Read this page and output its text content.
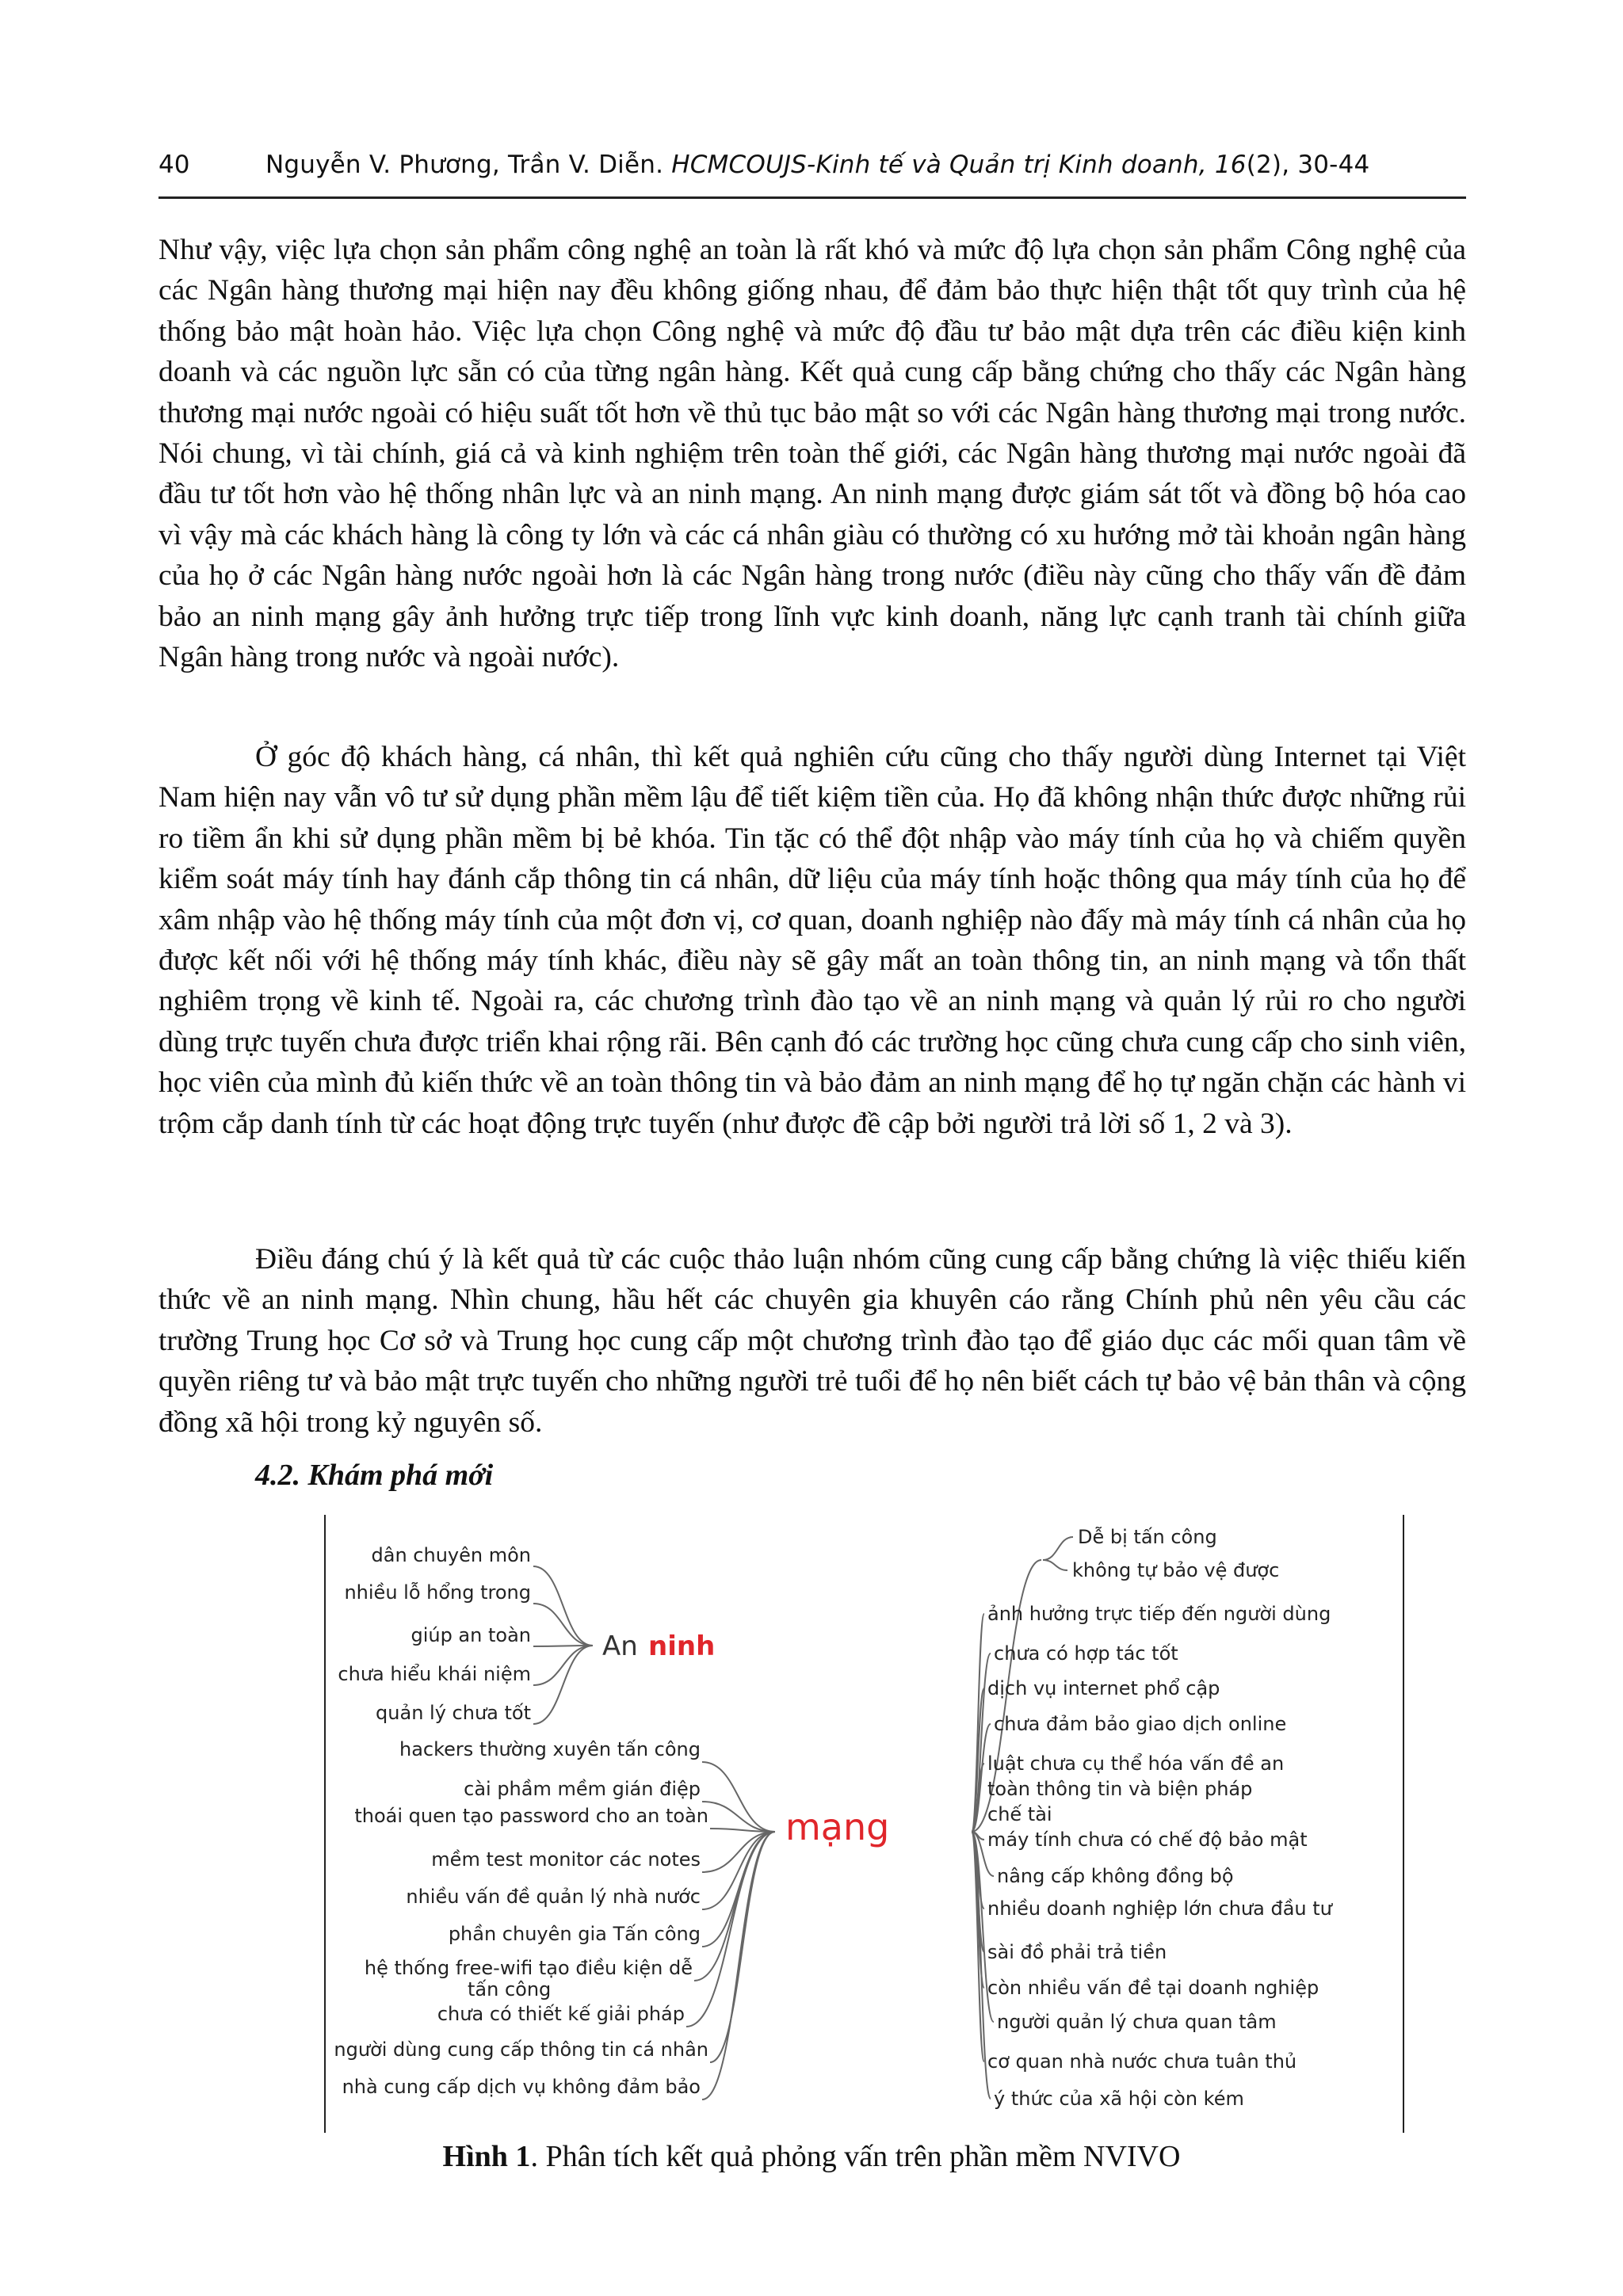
40	Nguyễn V. Phương, Trần V. Diễn. HCMCOUJS-Kinh tế và Quản trị Kinh doanh, 16(2), 30-44
Như vậy, việc lựa chọn sản phẩm công nghệ an toàn là rất khó và mức độ lựa chọn sản phẩm Công nghệ của các Ngân hàng thương mại hiện nay đều không giống nhau, để đảm bảo thực hiện thật tốt quy trình của hệ thống bảo mật hoàn hảo. Việc lựa chọn Công nghệ và mức độ đầu tư bảo mật dựa trên các điều kiện kinh doanh và các nguồn lực sẵn có của từng ngân hàng. Kết quả cung cấp bằng chứng cho thấy các Ngân hàng thương mại nước ngoài có hiệu suất tốt hơn về thủ tục bảo mật so với các Ngân hàng thương mại trong nước. Nói chung, vì tài chính, giá cả và kinh nghiệm trên toàn thế giới, các Ngân hàng thương mại nước ngoài đã đầu tư tốt hơn vào hệ thống nhân lực và an ninh mạng. An ninh mạng được giám sát tốt và đồng bộ hóa cao vì vậy mà các khách hàng là công ty lớn và các cá nhân giàu có thường có xu hướng mở tài khoản ngân hàng của họ ở các Ngân hàng nước ngoài hơn là các Ngân hàng trong nước (điều này cũng cho thấy vấn đề đảm bảo an ninh mạng gây ảnh hưởng trực tiếp trong lĩnh vực kinh doanh, năng lực cạnh tranh tài chính giữa Ngân hàng trong nước và ngoài nước).
Ở góc độ khách hàng, cá nhân, thì kết quả nghiên cứu cũng cho thấy người dùng Internet tại Việt Nam hiện nay vẫn vô tư sử dụng phần mềm lậu để tiết kiệm tiền của. Họ đã không nhận thức được những rủi ro tiềm ẩn khi sử dụng phần mềm bị bẻ khóa. Tin tặc có thể đột nhập vào máy tính của họ và chiếm quyền kiểm soát máy tính hay đánh cắp thông tin cá nhân, dữ liệu của máy tính hoặc thông qua máy tính của họ để xâm nhập vào hệ thống máy tính của một đơn vị, cơ quan, doanh nghiệp nào đấy mà máy tính cá nhân của họ được kết nối với hệ thống máy tính khác, điều này sẽ gây mất an toàn thông tin, an ninh mạng và tổn thất nghiêm trọng về kinh tế. Ngoài ra, các chương trình đào tạo về an ninh mạng và quản lý rủi ro cho người dùng trực tuyến chưa được triển khai rộng rãi. Bên cạnh đó các trường học cũng chưa cung cấp cho sinh viên, học viên của mình đủ kiến thức về an toàn thông tin và bảo đảm an ninh mạng để họ tự ngăn chặn các hành vi trộm cắp danh tính từ các hoạt động trực tuyến (như được đề cập bởi người trả lời số 1, 2 và 3).
Điều đáng chú ý là kết quả từ các cuộc thảo luận nhóm cũng cung cấp bằng chứng là việc thiếu kiến thức về an ninh mạng. Nhìn chung, hầu hết các chuyên gia khuyên cáo rằng Chính phủ nên yêu cầu các trường Trung học Cơ sở và Trung học cung cấp một chương trình đào tạo để giáo dục các mối quan tâm về quyền riêng tư và bảo mật trực tuyến cho những người trẻ tuổi để họ nên biết cách tự bảo vệ bản thân và cộng đồng xã hội trong kỷ nguyên số.
4.2. Khám phá mới
An ninh
mạng
dân chuyên môn
nhiều lỗ hổng trong
giúp an toàn
chưa hiểu khái niệm
quản lý chưa tốt
hackers thường xuyên tấn công
cài phầm mềm gián điệp
thoái quen tạo password cho an toàn
mềm test monitor các notes
nhiều vấn đề quản lý nhà nước
phần chuyên gia Tấn công
hệ thống free-wifi tạo điều kiện dễ
tấn công
chưa có thiết kế giải pháp
người dùng cung cấp thông tin cá nhân
nhà cung cấp dịch vụ không đảm bảo
Dễ bị tấn công
không tự bảo vệ được
ảnh hưởng trực tiếp đến người dùng
chưa có hợp tác tốt
dịch vụ internet phổ cập
chưa đảm bảo giao dịch online
luật chưa cụ thể hóa vấn đề an
toàn thông tin và biện pháp
chế tài
máy tính chưa có chế độ bảo mật
nâng cấp không đồng bộ
nhiều doanh nghiệp lớn chưa đầu tư
sài đồ phải trả tiền
còn nhiều vấn đề tại doanh nghiệp
người quản lý chưa quan tâm
cơ quan nhà nước chưa tuân thủ
ý thức của xã hội còn kém
Hình 1. Phân tích kết quả phỏng vấn trên phần mềm NVIVO
